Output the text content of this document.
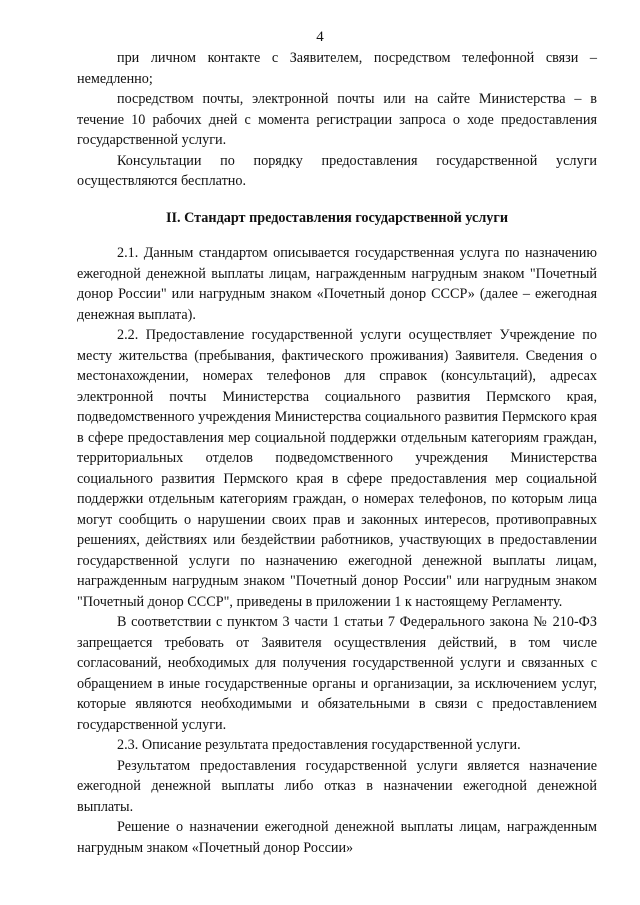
4

при личном контакте с Заявителем, посредством телефонной связи – немедленно;

посредством почты, электронной почты или на сайте Министерства – в течение 10 рабочих дней с момента регистрации запроса о ходе предоставления государственной услуги.

Консультации по порядку предоставления государственной услуги осуществляются бесплатно.

II. Стандарт предоставления государственной услуги

2.1. Данным стандартом описывается государственная услуга по назначению ежегодной денежной выплаты лицам, награжденным нагрудным знаком "Почетный донор России" или нагрудным знаком «Почетный донор СССР» (далее – ежегодная денежная выплата).

2.2. Предоставление государственной услуги осуществляет Учреждение по месту жительства (пребывания, фактического проживания) Заявителя. Сведения о местонахождении, номерах телефонов для справок (консультаций), адресах электронной почты Министерства социального развития Пермского края, подведомственного учреждения Министерства социального развития Пермского края в сфере предоставления мер социальной поддержки отдельным категориям граждан, территориальных отделов подведомственного учреждения Министерства социального развития Пермского края в сфере предоставления мер социальной поддержки отдельным категориям граждан, о номерах телефонов, по которым лица могут сообщить о нарушении своих прав и законных интересов, противоправных решениях, действиях или бездействии работников, участвующих в предоставлении государственной услуги по назначению ежегодной денежной выплаты лицам, награжденным нагрудным знаком "Почетный донор России" или нагрудным знаком "Почетный донор СССР", приведены в приложении 1 к настоящему Регламенту.

В соответствии с пунктом 3 части 1 статьи 7 Федерального закона № 210-ФЗ запрещается требовать от Заявителя осуществления действий, в том числе согласований, необходимых для получения государственной услуги и связанных с обращением в иные государственные органы и организации, за исключением услуг, которые являются необходимыми и обязательными в связи с предоставлением государственной услуги.

2.3. Описание результата предоставления государственной услуги.

Результатом предоставления государственной услуги является назначение ежегодной денежной выплаты либо отказ в назначении ежегодной денежной выплаты.

Решение о назначении ежегодной денежной выплаты лицам, награжденным нагрудным знаком «Почетный донор России»
